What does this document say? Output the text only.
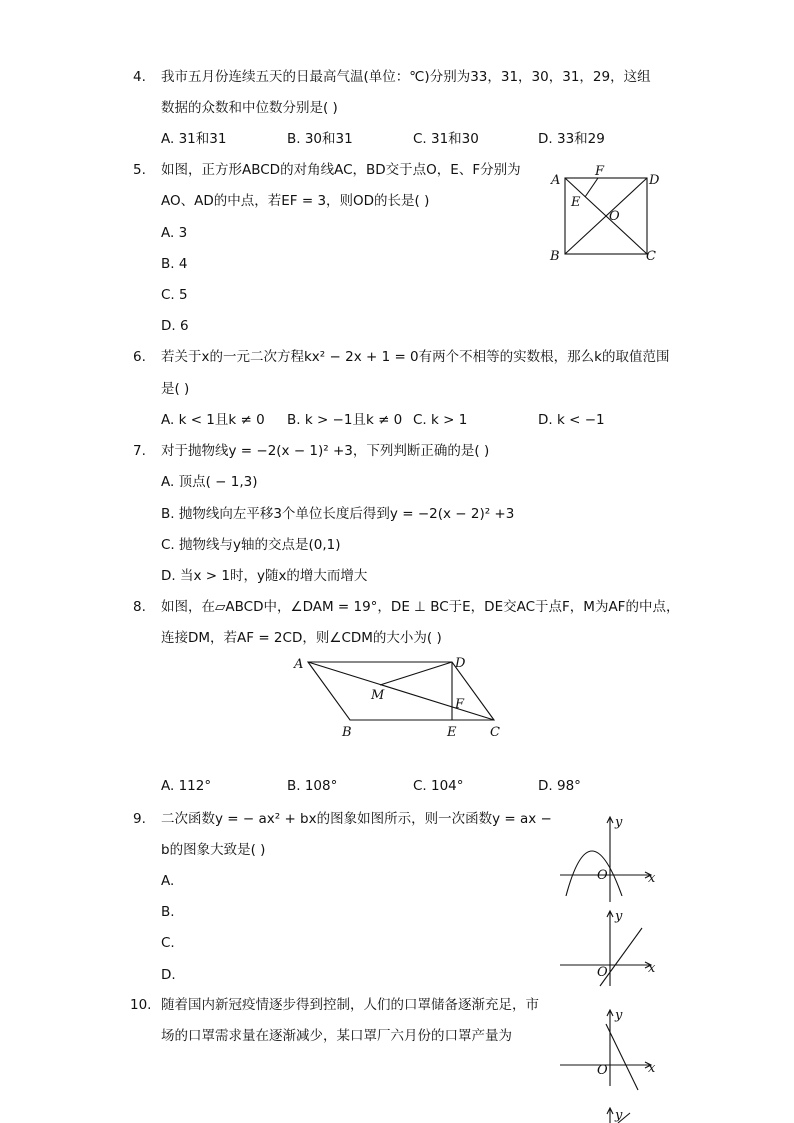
4.	我市五月份连续五天的日最高气温(单位：℃)分别为33，31，30，31，29，这组
数据的众数和中位数分别是( )
A. 31和31	B. 30和31	C. 31和30	D. 33和29
5.	如图，正方形ABCD的对角线AC，BD交于点O，E、F分别为
AO、AD的中点，若EF = 3，则OD的长是( )
A. 3
B. 4
C. 5
D. 6
A	D
B	C
F
E
O
6.	若关于x的一元二次方程kx² − 2x + 1 = 0有两个不相等的实数根，那么k的取值范围
是( )
A. k < 1且k ≠ 0 B. k > −1且k ≠ 0 C. k > 1	D. k < −1
7.	对于抛物线y = −2(x − 1)² +3，下列判断正确的是( )
A. 顶点( − 1,3)
B. 抛物线向左平移3个单位长度后得到y = −2(x − 2)² +3
C. 抛物线与y轴的交点是(0,1)
D. 当x > 1时，y随x的增大而增大
8.	如图，在▱ABCD中，∠DAM = 19°，DE ⊥ BC于E，DE交AC于点F，M为AF的中点，
连接DM，若AF = 2CD，则∠CDM的大小为( )
A	D
B	E	C
M
F
A. 112°	B. 108°	C. 104°	D. 98°
9.	二次函数y = − ax² + bx的图象如图所示，则一次函数y = ax −
b的图象大致是( )
A.
B.
C.
D.
y
x
O
y
x
O
y
x
O
y
10. 随着国内新冠疫情逐步得到控制，人们的口罩储备逐渐充足，市
场的口罩需求量在逐渐减少，某口罩厂六月份的口罩产量为
